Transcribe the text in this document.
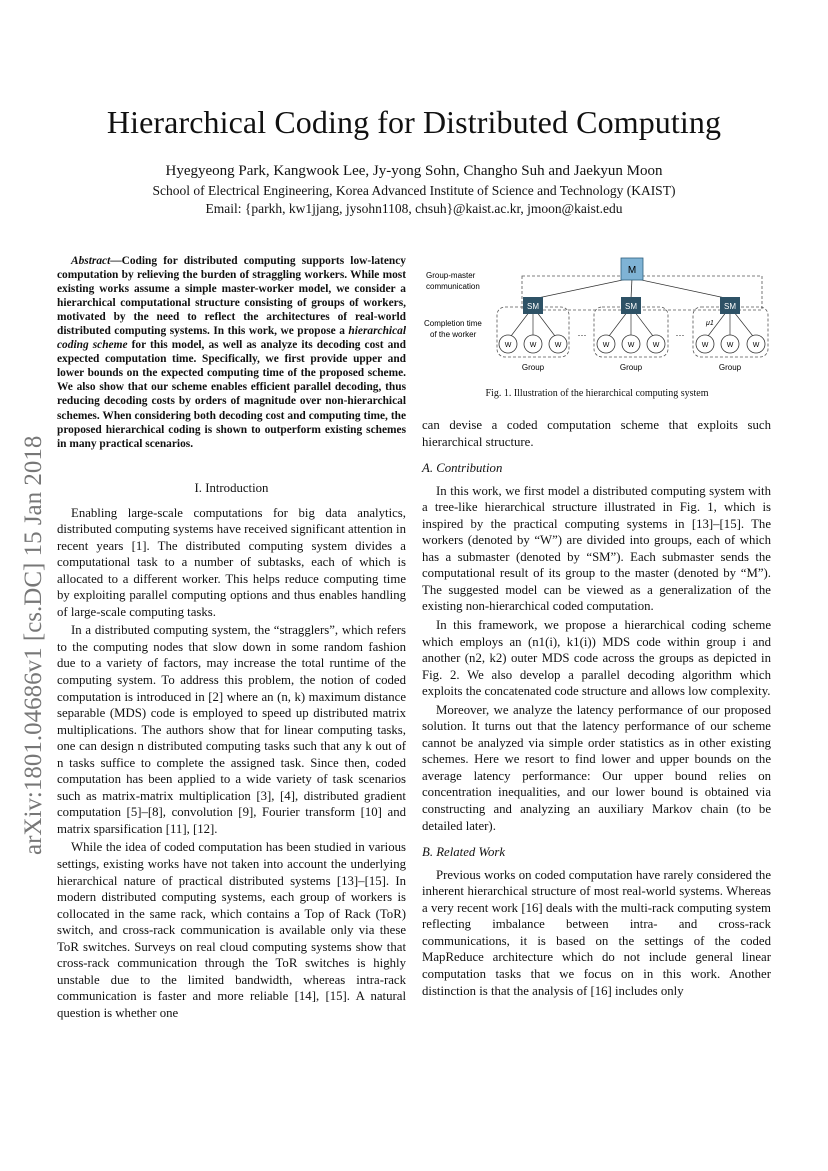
arXiv:1801.04686v1 [cs.DC] 15 Jan 2018
Hierarchical Coding for Distributed Computing
Hyegyeong Park, Kangwook Lee, Jy-yong Sohn, Changho Suh and Jaekyun Moon
School of Electrical Engineering, Korea Advanced Institute of Science and Technology (KAIST)
Email: {parkh, kw1jjang, jysohn1108, chsuh}@kaist.ac.kr, jmoon@kaist.edu
Abstract—Coding for distributed computing supports low-latency computation by relieving the burden of straggling workers. While most existing works assume a simple master-worker model, we consider a hierarchical computational structure consisting of groups of workers, motivated by the need to reflect the architectures of real-world distributed computing systems. In this work, we propose a hierarchical coding scheme for this model, as well as analyze its decoding cost and expected computation time. Specifically, we first provide upper and lower bounds on the expected computing time of the proposed scheme. We also show that our scheme enables efficient parallel decoding, thus reducing decoding costs by orders of magnitude over non-hierarchical schemes. When considering both decoding cost and computing time, the proposed hierarchical coding is shown to outperform existing schemes in many practical scenarios.

I. Introduction

Enabling large-scale computations for big data analytics, distributed computing systems have received significant attention in recent years [1]. The distributed computing system divides a computational task to a number of subtasks, each of which is allocated to a different worker. This helps reduce computing time by exploiting parallel computing options and thus enables handling of large-scale computing tasks.

In a distributed computing system, the “stragglers”, which refers to the computing nodes that slow down in some random fashion due to a variety of factors, may increase the total runtime of the computing system. To address this problem, the notion of coded computation is introduced in [2] where an (n, k) maximum distance separable (MDS) code is employed to speed up distributed matrix multiplications. The authors show that for linear computing tasks, one can design n distributed computing tasks such that any k out of n tasks suffice to complete the assigned task. Since then, coded computation has been applied to a wide variety of task scenarios such as matrix-matrix multiplication [3], [4], distributed gradient computation [5]–[8], convolution [9], Fourier transform [10] and matrix sparsification [11], [12].

While the idea of coded computation has been studied in various settings, existing works have not taken into account the underlying hierarchical nature of practical distributed systems [13]–[15]. In modern distributed computing systems, each group of workers is collocated in the same rack, which contains a Top of Rack (ToR) switch, and cross-rack communication is available only via these ToR switches. Surveys on real cloud computing systems show that cross-rack communication through the ToR switches is highly unstable due to the limited bandwidth, whereas intra-rack communication is faster and more reliable [14], [15]. A natural question is whether one

Group-master
communication
Completion time
of the worker
M
SM
W	W	W
Group
···
SM
W	W	W
Group
···
SM
μ1
W	W	W
Group
Fig. 1. Illustration of the hierarchical computing system

can devise a coded computation scheme that exploits such hierarchical structure.

A. Contribution

In this work, we first model a distributed computing system with a tree-like hierarchical structure illustrated in Fig. 1, which is inspired by the practical computing systems in [13]–[15]. The workers (denoted by “W”) are divided into groups, each of which has a submaster (denoted by “SM”). Each submaster sends the computational result of its group to the master (denoted by “M”). The suggested model can be viewed as a generalization of the existing non-hierarchical coded computation.

In this framework, we propose a hierarchical coding scheme which employs an (n1(i), k1(i)) MDS code within group i and another (n2, k2) outer MDS code across the groups as depicted in Fig. 2. We also develop a parallel decoding algorithm which exploits the concatenated code structure and allows low complexity.

Moreover, we analyze the latency performance of our proposed solution. It turns out that the latency performance of our scheme cannot be analyzed via simple order statistics as in other existing schemes. Here we resort to find lower and upper bounds on the average latency performance: Our upper bound relies on concentration inequalities, and our lower bound is obtained via constructing and analyzing an auxiliary Markov chain (to be detailed later).

B. Related Work

Previous works on coded computation have rarely considered the inherent hierarchical structure of most real-world systems. Whereas a very recent work [16] deals with the multi-rack computing system reflecting imbalance between intra- and cross-rack communications, it is based on the settings of the coded MapReduce architecture which do not include general linear computation tasks that we focus on in this work. Another distinction is that the analysis of [16] includes only
